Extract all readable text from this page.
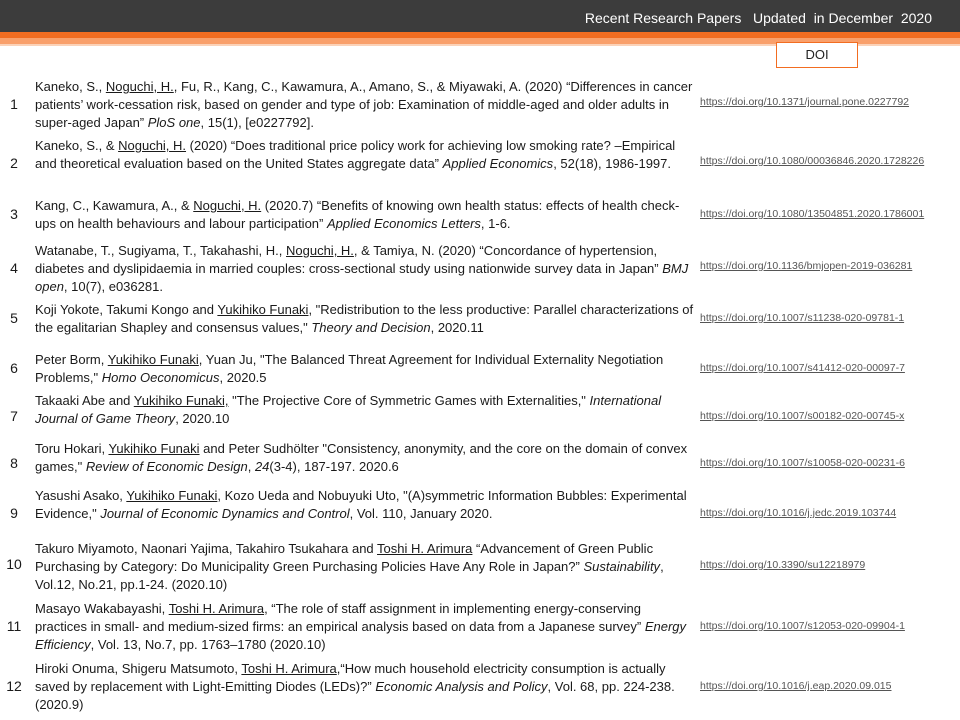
Recent Research Papers   Updated  in December  2020
DOI
1
Kaneko, S., Noguchi, H., Fu, R., Kang, C., Kawamura, A., Amano, S., & Miyawaki, A. (2020) “Differences in cancer patients’ work-cessation risk, based on gender and type of job: Examination of middle-aged and older adults in super-aged Japan” PloS one, 15(1), [e0227792].
https://doi.org/10.1371/journal.pone.0227792
2
Kaneko, S., & Noguchi, H. (2020) “Does traditional price policy work for achieving low smoking rate? –Empirical and theoretical evaluation based on the United States aggregate data” Applied Economics, 52(18), 1986-1997.	https://doi.org/10.1080/00036846.2020.1728226
3
Kang, C., Kawamura, A., & Noguchi, H. (2020.7) “Benefits of knowing own health status: effects of health check-ups on health behaviours and labour participation” Applied Economics Letters, 1-6.
https://doi.org/10.1080/13504851.2020.1786001
4
Watanabe, T., Sugiyama, T., Takahashi, H., Noguchi, H., & Tamiya, N. (2020) “Concordance of hypertension, diabetes and dyslipidaemia in married couples: cross-sectional study using nationwide survey data in Japan” BMJ open, 10(7), e036281.
https://doi.org/10.1136/bmjopen-2019-036281
5
Koji Yokote, Takumi Kongo and Yukihiko Funaki, "Redistribution to the less productive: Parallel characterizations of the egalitarian Shapley and consensus values," Theory and Decision, 2020.11
https://doi.org/10.1007/s11238-020-09781-1
6
Peter Borm, Yukihiko Funaki, Yuan Ju, "The Balanced Threat Agreement for Individual Externality Negotiation Problems," Homo Oeconomicus, 2020.5
https://doi.org/10.1007/s41412-020-00097-7
7
Takaaki Abe and Yukihiko Funaki, "The Projective Core of Symmetric Games with Externalities," International Journal of Game Theory, 2020.10	https://doi.org/10.1007/s00182-020-00745-x
8
Toru Hokari, Yukihiko Funaki and Peter Sudhölter "Consistency, anonymity, and the core on the domain of convex games," Review of Economic Design, 24(3-4), 187-197. 2020.6	https://doi.org/10.1007/s10058-020-00231-6
9
Yasushi Asako, Yukihiko Funaki, Kozo Ueda and Nobuyuki Uto, "(A)symmetric Information Bubbles: Experimental Evidence," Journal of Economic Dynamics and Control, Vol. 110, January 2020.	https://doi.org/10.1016/j.jedc.2019.103744
10
Takuro Miyamoto, Naonari Yajima, Takahiro Tsukahara and Toshi H. Arimura “Advancement of Green Public Purchasing by Category: Do Municipality Green Purchasing Policies Have Any Role in Japan?” Sustainability, Vol.12, No.21, pp.1-24. (2020.10)
https://doi.org/10.3390/su12218979
11
Masayo Wakabayashi, Toshi H. Arimura, “The role of staff assignment in implementing energy-conserving practices in small- and medium-sized firms: an empirical analysis based on data from a Japanese survey” Energy Efficiency, Vol. 13, No.7, pp. 1763–1780 (2020.10)
https://doi.org/10.1007/s12053-020-09904-1
12
Hiroki Onuma, Shigeru Matsumoto, Toshi H. Arimura,“How much household electricity consumption is actually saved by replacement with Light-Emitting Diodes (LEDs)?” Economic Analysis and Policy, Vol. 68, pp. 224-238. (2020.9)
https://doi.org/10.1016/j.eap.2020.09.015
